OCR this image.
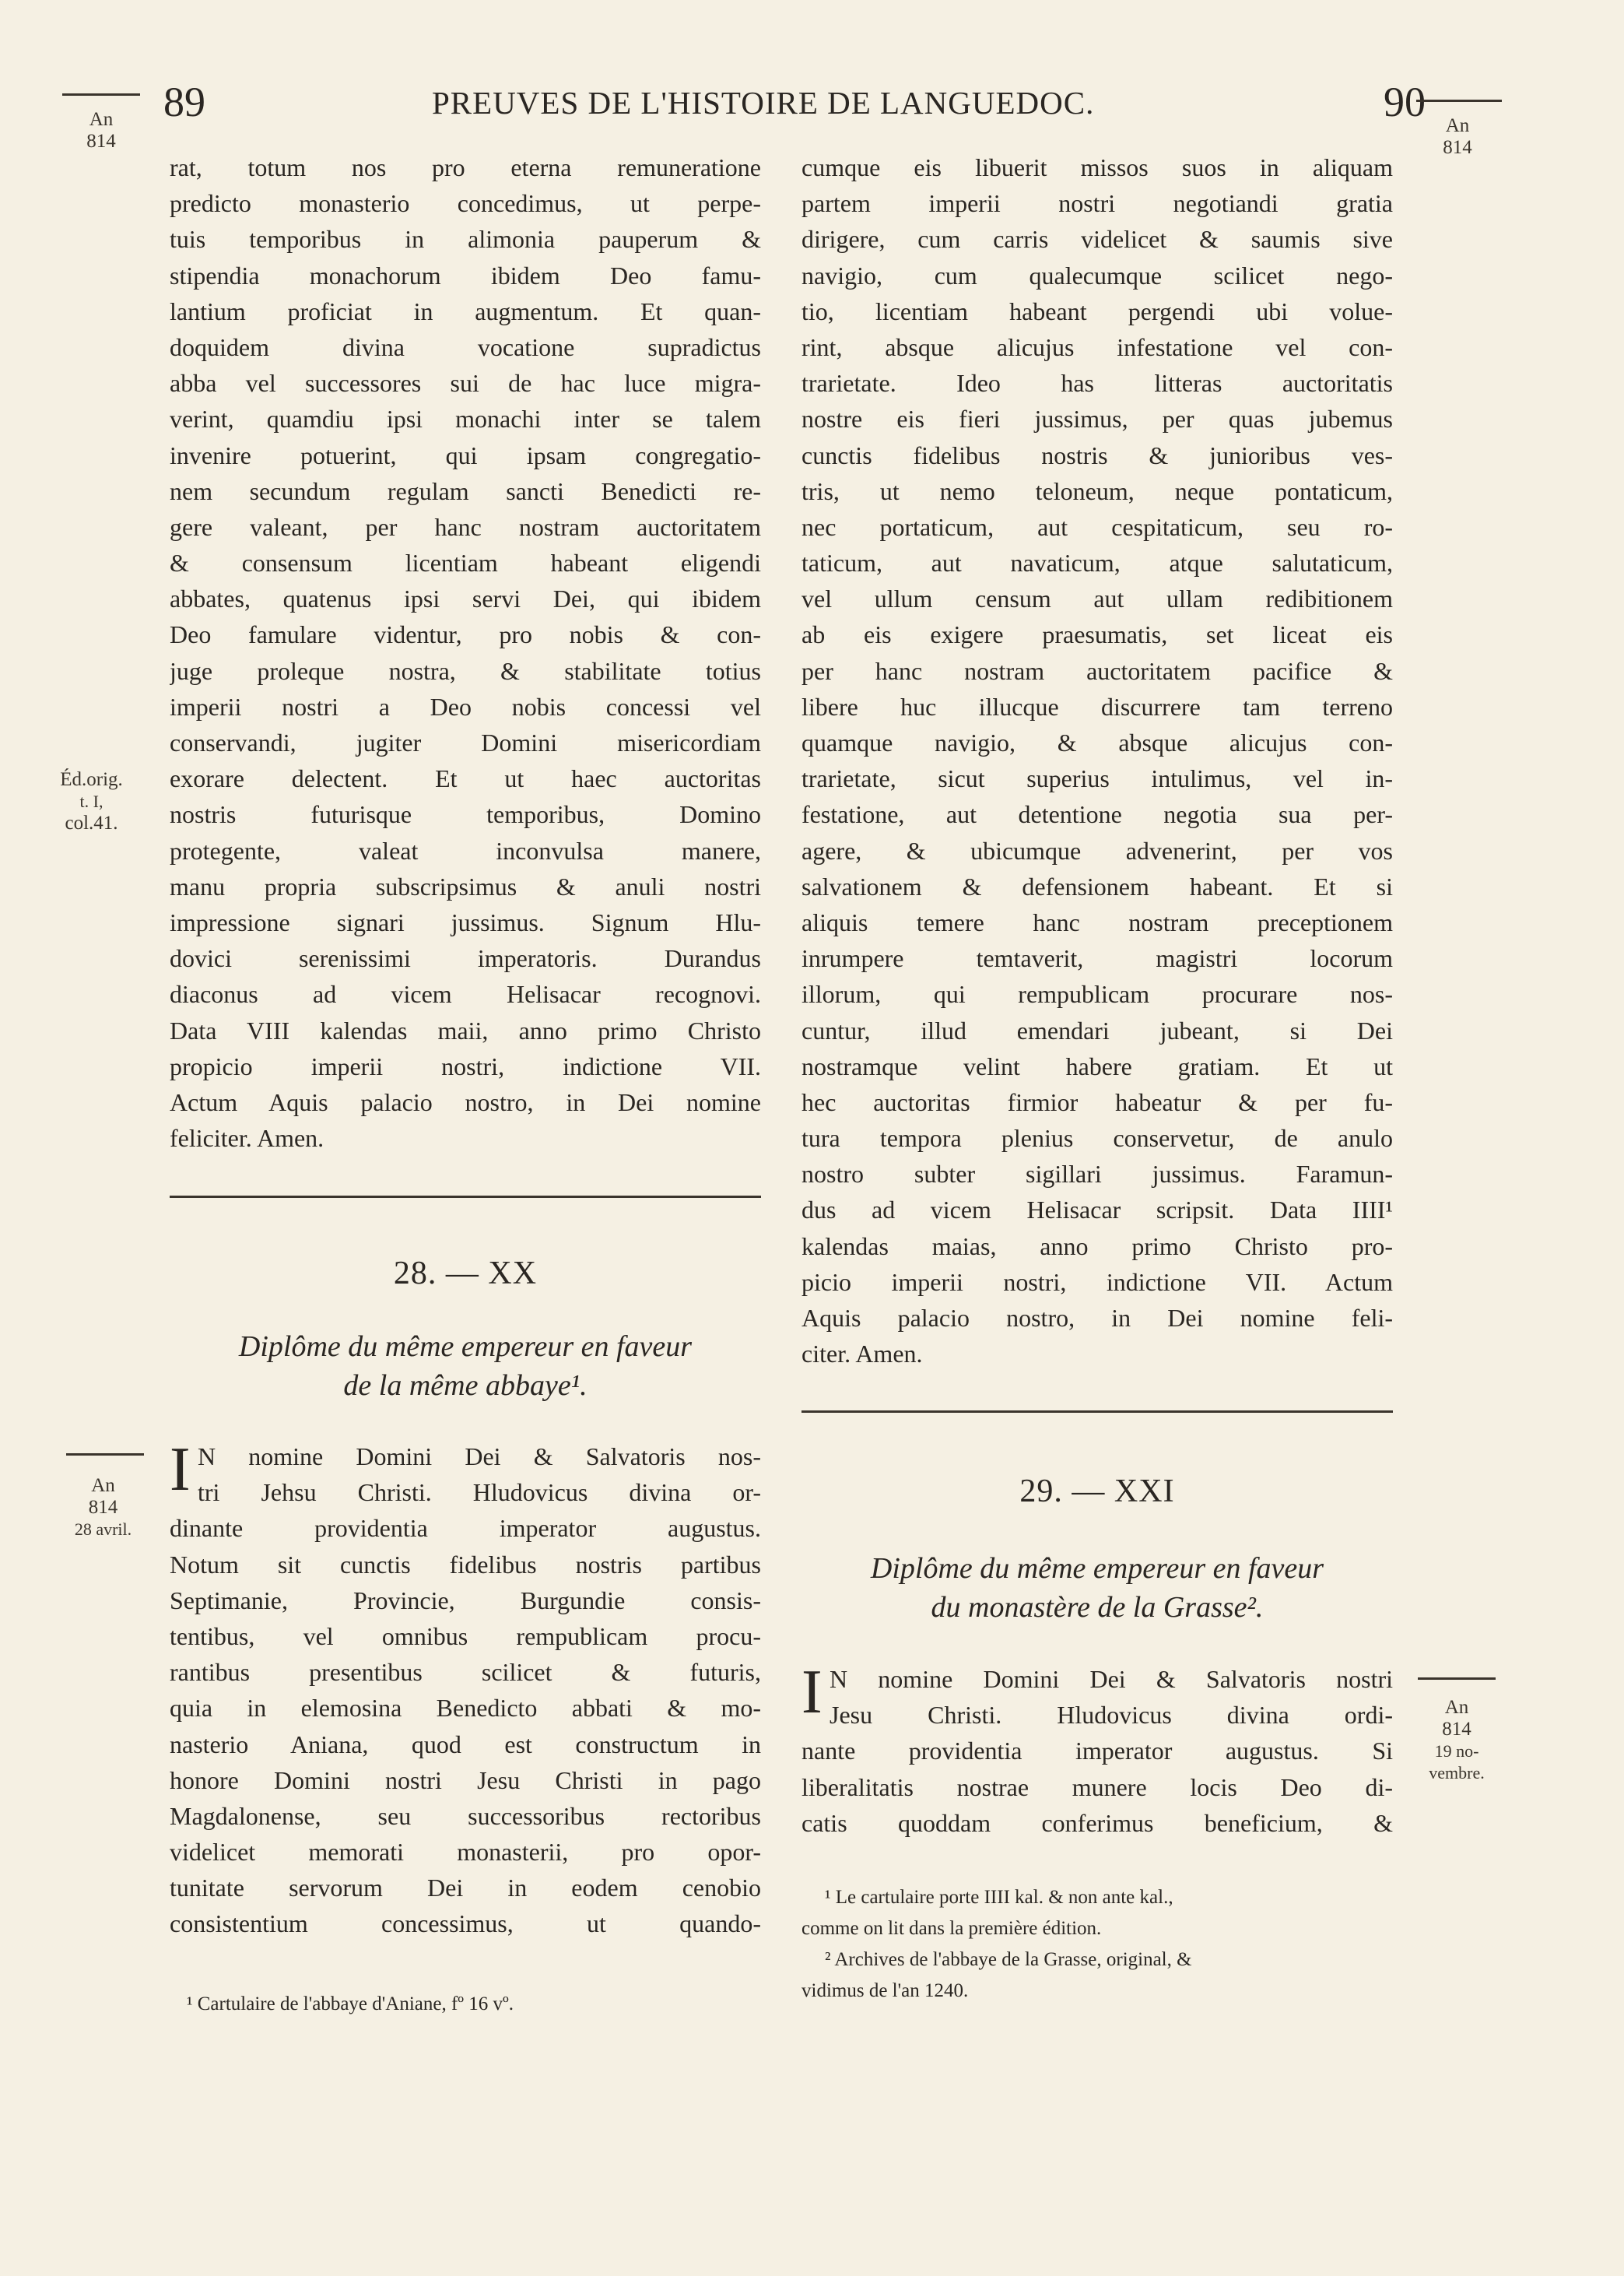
89	PREUVES DE L'HISTOIRE DE LANGUEDOC.	90
An
814
Éd.orig.
t. I,
col.41.
An
814
28 avril.
An
814
An
814
19 no-
vembre.
rat, totum nos pro eterna remuneratione
predicto monasterio concedimus, ut perpe-
tuis temporibus in alimonia pauperum &
stipendia monachorum ibidem Deo famu-
lantium proficiat in augmentum. Et quan-
doquidem divina vocatione supradictus
abba vel successores sui de hac luce migra-
verint, quamdiu ipsi monachi inter se talem
invenire potuerint, qui ipsam congregatio-
nem secundum regulam sancti Benedicti re-
gere valeant, per hanc nostram auctoritatem
& consensum licentiam habeant eligendi
abbates, quatenus ipsi servi Dei, qui ibidem
Deo famulare videntur, pro nobis & con-
juge proleque nostra, & stabilitate totius
imperii nostri a Deo nobis concessi vel
conservandi, jugiter Domini misericordiam
exorare delectent. Et ut haec auctoritas
nostris futurisque temporibus, Domino
protegente, valeat inconvulsa manere,
manu propria subscripsimus & anuli nostri
impressione signari jussimus. Signum Hlu-
dovici serenissimi imperatoris. Durandus
diaconus ad vicem Helisacar recognovi.
Data VIII kalendas maii, anno primo Christo
propicio imperii nostri, indictione VII.
Actum Aquis palacio nostro, in Dei nomine
feliciter. Amen.
28. — XX
Diplôme du même empereur en faveur
de la même abbaye¹.
I N nomine Domini Dei & Salvatoris nos-
tri Jehsu Christi. Hludovicus divina or-
dinante providentia imperator augustus.
Notum sit cunctis fidelibus nostris partibus
Septimanie, Provincie, Burgundie consis-
tentibus, vel omnibus rempublicam procu-
rantibus presentibus scilicet & futuris,
quia in elemosina Benedicto abbati & mo-
nasterio Aniana, quod est constructum in
honore Domini nostri Jesu Christi in pago
Magdalonense, seu successoribus rectoribus
videlicet memorati monasterii, pro opor-
tunitate servorum Dei in eodem cenobio
consistentium concessimus, ut quando-
¹ Cartulaire de l'abbaye d'Aniane, fº 16 vº.
cumque eis libuerit missos suos in aliquam
partem imperii nostri negotiandi gratia
dirigere, cum carris videlicet & saumis sive
navigio, cum qualecumque scilicet nego-
tio, licentiam habeant pergendi ubi volue-
rint, absque alicujus infestatione vel con-
trarietate. Ideo has litteras auctoritatis
nostre eis fieri jussimus, per quas jubemus
cunctis fidelibus nostris & junioribus ves-
tris, ut nemo teloneum, neque pontaticum,
nec portaticum, aut cespitaticum, seu ro-
taticum, aut navaticum, atque salutaticum,
vel ullum censum aut ullam redibitionem
ab eis exigere praesumatis, set liceat eis
per hanc nostram auctoritatem pacifice &
libere huc illucque discurrere tam terreno
quamque navigio, & absque alicujus con-
trarietate, sicut superius intulimus, vel in-
festatione, aut detentione negotia sua per-
agere, & ubicumque advenerint, per vos
salvationem & defensionem habeant. Et si
aliquis temere hanc nostram preceptionem
inrumpere temtaverit, magistri locorum
illorum, qui rempublicam procurare nos-
cuntur, illud emendari jubeant, si Dei
nostramque velint habere gratiam. Et ut
hec auctoritas firmior habeatur & per fu-
tura tempora plenius conservetur, de anulo
nostro subter sigillari jussimus. Faramun-
dus ad vicem Helisacar scripsit. Data IIII¹
kalendas maias, anno primo Christo pro-
picio imperii nostri, indictione VII. Actum
Aquis palacio nostro, in Dei nomine feli-
citer. Amen.
29. — XXI
Diplôme du même empereur en faveur
du monastère de la Grasse².
I N nomine Domini Dei & Salvatoris nostri
Jesu Christi. Hludovicus divina ordi-
nante providentia imperator augustus. Si
liberalitatis nostrae munere locis Deo di-
catis quoddam conferimus beneficium, &
¹ Le cartulaire porte IIII kal. & non ante kal.,
comme on lit dans la première édition.
² Archives de l'abbaye de la Grasse, original, &
vidimus de l'an 1240.
